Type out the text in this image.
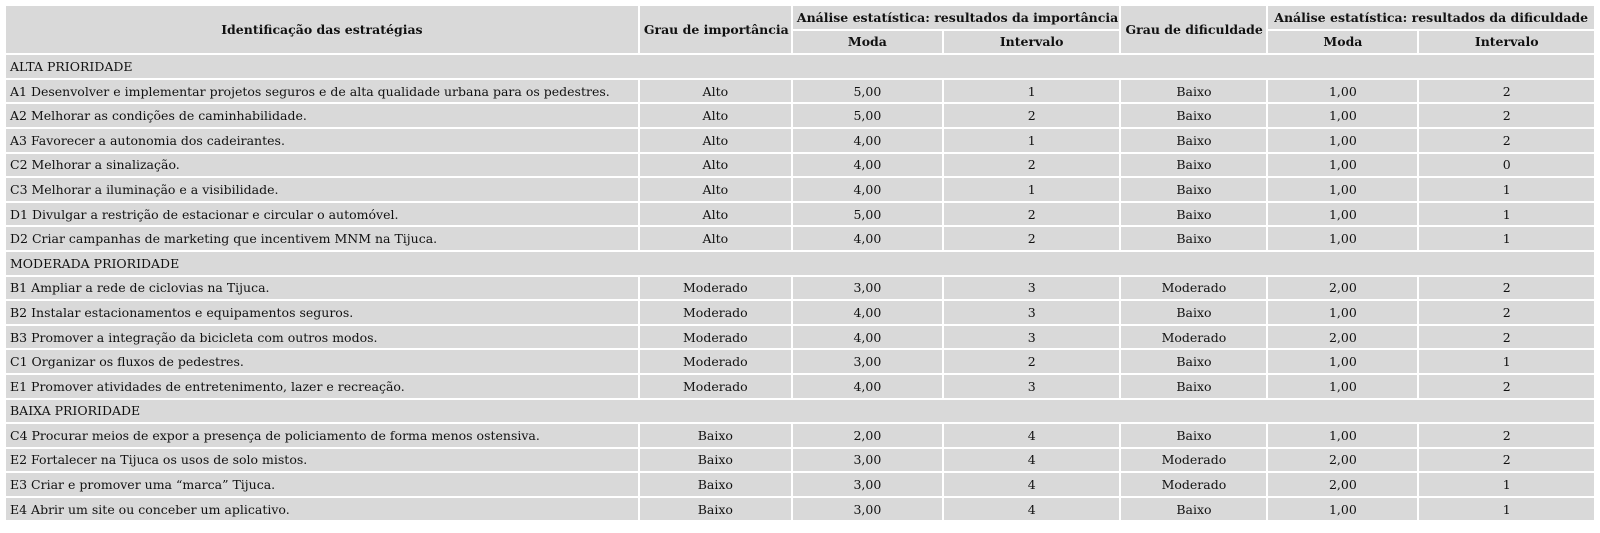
Identificação das estratégias	Grau de importância	Análise estatística: resultados da importância		Grau de dificuldade	Análise estatística: resultados da dificuldade	
		Moda	Intervalo		Moda	Intervalo
ALTA PRIORIDADE						
A1 Desenvolver e implementar projetos seguros e de alta qualidade urbana para os pedestres.	Alto	5,00	1	Baixo	1,00	2
A2 Melhorar as condições de caminhabilidade.	Alto	5,00	2	Baixo	1,00	2
A3 Favorecer a autonomia dos cadeirantes.	Alto	4,00	1	Baixo	1,00	2
C2 Melhorar a sinalização.	Alto	4,00	2	Baixo	1,00	0
C3 Melhorar a iluminação e a visibilidade.	Alto	4,00	1	Baixo	1,00	1
D1 Divulgar a restrição de estacionar e circular o automóvel.	Alto	5,00	2	Baixo	1,00	1
D2 Criar campanhas de marketing que incentivem MNM na Tijuca.	Alto	4,00	2	Baixo	1,00	1
MODERADA PRIORIDADE						
B1 Ampliar a rede de ciclovias na Tijuca.	Moderado	3,00	3	Moderado	2,00	2
B2 Instalar estacionamentos e equipamentos seguros.	Moderado	4,00	3	Baixo	1,00	2
B3 Promover a integração da bicicleta com outros modos.	Moderado	4,00	3	Moderado	2,00	2
C1 Organizar os fluxos de pedestres.	Moderado	3,00	2	Baixo	1,00	1
E1 Promover atividades de entretenimento, lazer e recreação.	Moderado	4,00	3	Baixo	1,00	2
BAIXA PRIORIDADE						
C4 Procurar meios de expor a presença de policiamento de forma menos ostensiva.	Baixo	2,00	4	Baixo	1,00	2
E2 Fortalecer na Tijuca os usos de solo mistos.	Baixo	3,00	4	Moderado	2,00	2
E3 Criar e promover uma “marca” Tijuca.	Baixo	3,00	4	Moderado	2,00	1
E4 Abrir um site ou conceber um aplicativo.	Baixo	3,00	4	Baixo	1,00	1
